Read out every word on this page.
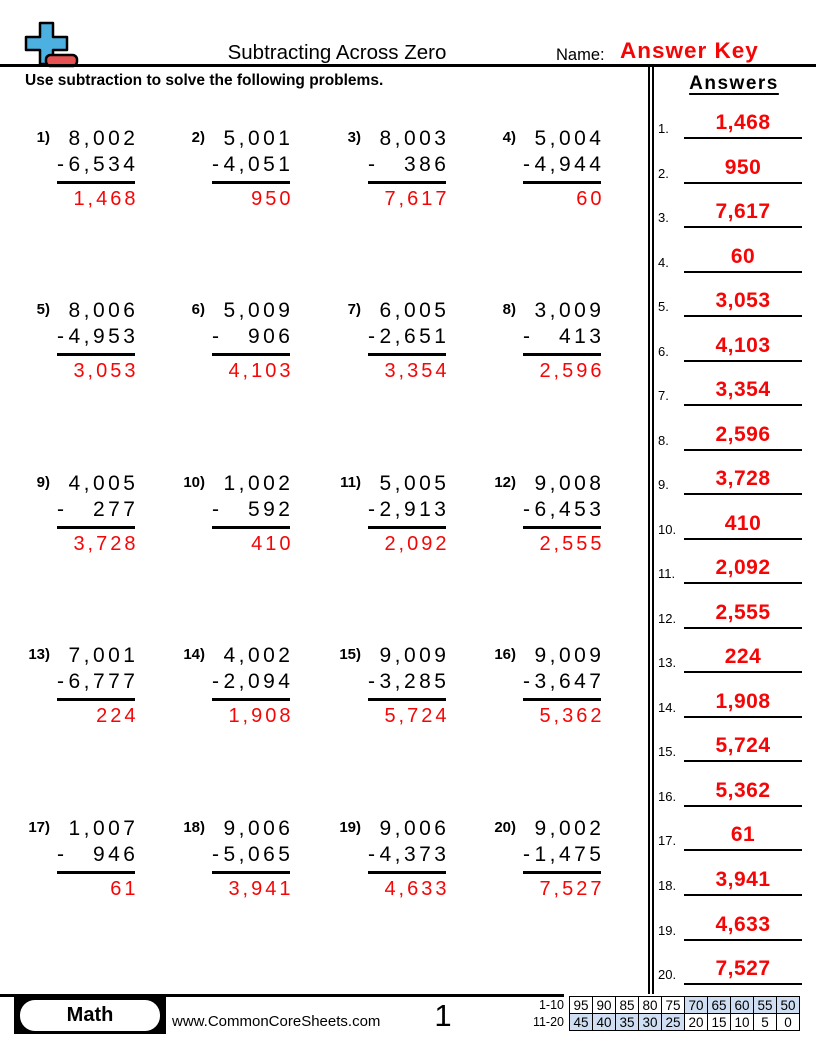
Subtracting Across Zero	Name: Answer Key
Use subtraction to solve the following problems.
1) 8,002
- 6,534
1,468
2) 5,001
- 4,051
950
3) 8,003
- 386
7,617
4) 5,004
- 4,944
60
5) 8,006
- 4,953
3,053
6) 5,009
- 906
4,103
7) 6,005
- 2,651
3,354
8) 3,009
- 413
2,596
9) 4,005
- 277
3,728
10) 1,002
- 592
410
11) 5,005
- 2,913
2,092
12) 9,008
- 6,453
2,555
13) 7,001
- 6,777
224
14) 4,002
- 2,094
1,908
15) 9,009
- 3,285
5,724
16) 9,009
- 3,647
5,362
17) 1,007
- 946
61
18) 9,006
- 5,065
3,941
19) 9,006
- 4,373
4,633
20) 9,002
- 1,475
7,527
Answers
1.	1,468
2.	950
3.	7,617
4.	60
5.	3,053
6.	4,103
7.	3,354
8.	2,596
9.	3,728
10.	410
11.	2,092
12.	2,555
13.	224
14.	1,908
15.	5,724
16.	5,362
17.	61
18.	3,941
19.	4,633
20.	7,527
Math	www.CommonCoreSheets.com	1	1-10	95	90	85	80	75	70	65	60	55	50
11-20	45	40	35	30	25	20	15	10	5	0
